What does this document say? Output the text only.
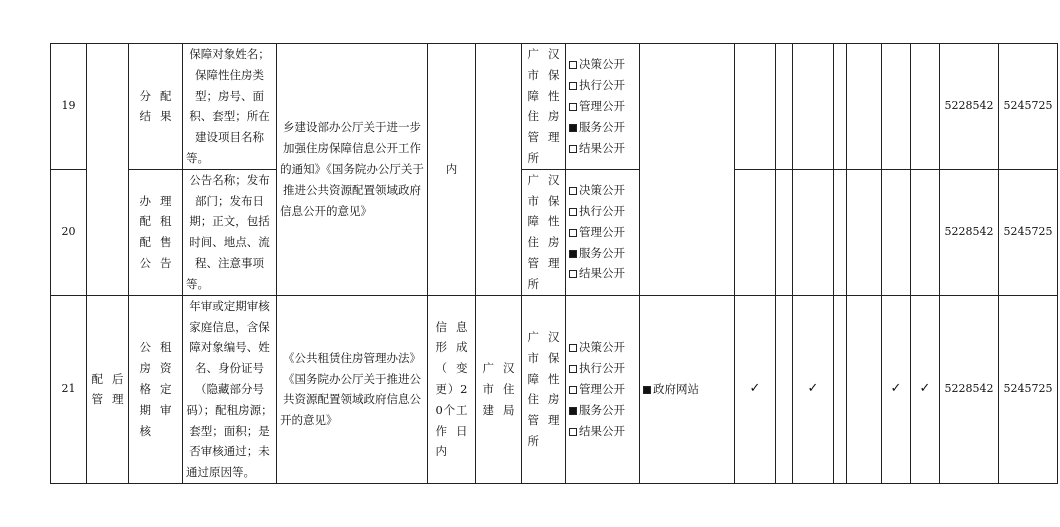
19		分配结果	保障对象姓名；保障性住房类型；房号、面积、套型；所在建设项目名称等。	乡建设部办公厅关于进一步加强住房保障信息公开工作的通知》《国务院办公厅关于推进公共资源配置领域政府信息公开的意见》	内		广汉市保障性住房管理所	决策公开
执行公开
管理公开
服务公开
结果公开									5228542	5245725
20		办理配租配售公告	公告名称；发布部门；发布日期；正文，包括时间、地点、流程、注意事项等。				广汉市保障性住房管理所	决策公开
执行公开
管理公开
服务公开
结果公开									5228542	5245725
21	配后管理	公租房资格定期审核	年审或定期审核家庭信息，含保障对象编号、姓名、身份证号（隐藏部分号码）；配租房源；套型；面积；是否审核通过；未通过原因等。	《公共租赁住房管理办法》《国务院办公厅关于推进公共资源配置领域政府信息公开的意见》	信息形成（变更）20个工作日内	广汉市住建局	广汉市保障性住房管理所	决策公开
执行公开
管理公开
服务公开
结果公开	政府网站	✓		✓			✓	✓	5228542	5245725
